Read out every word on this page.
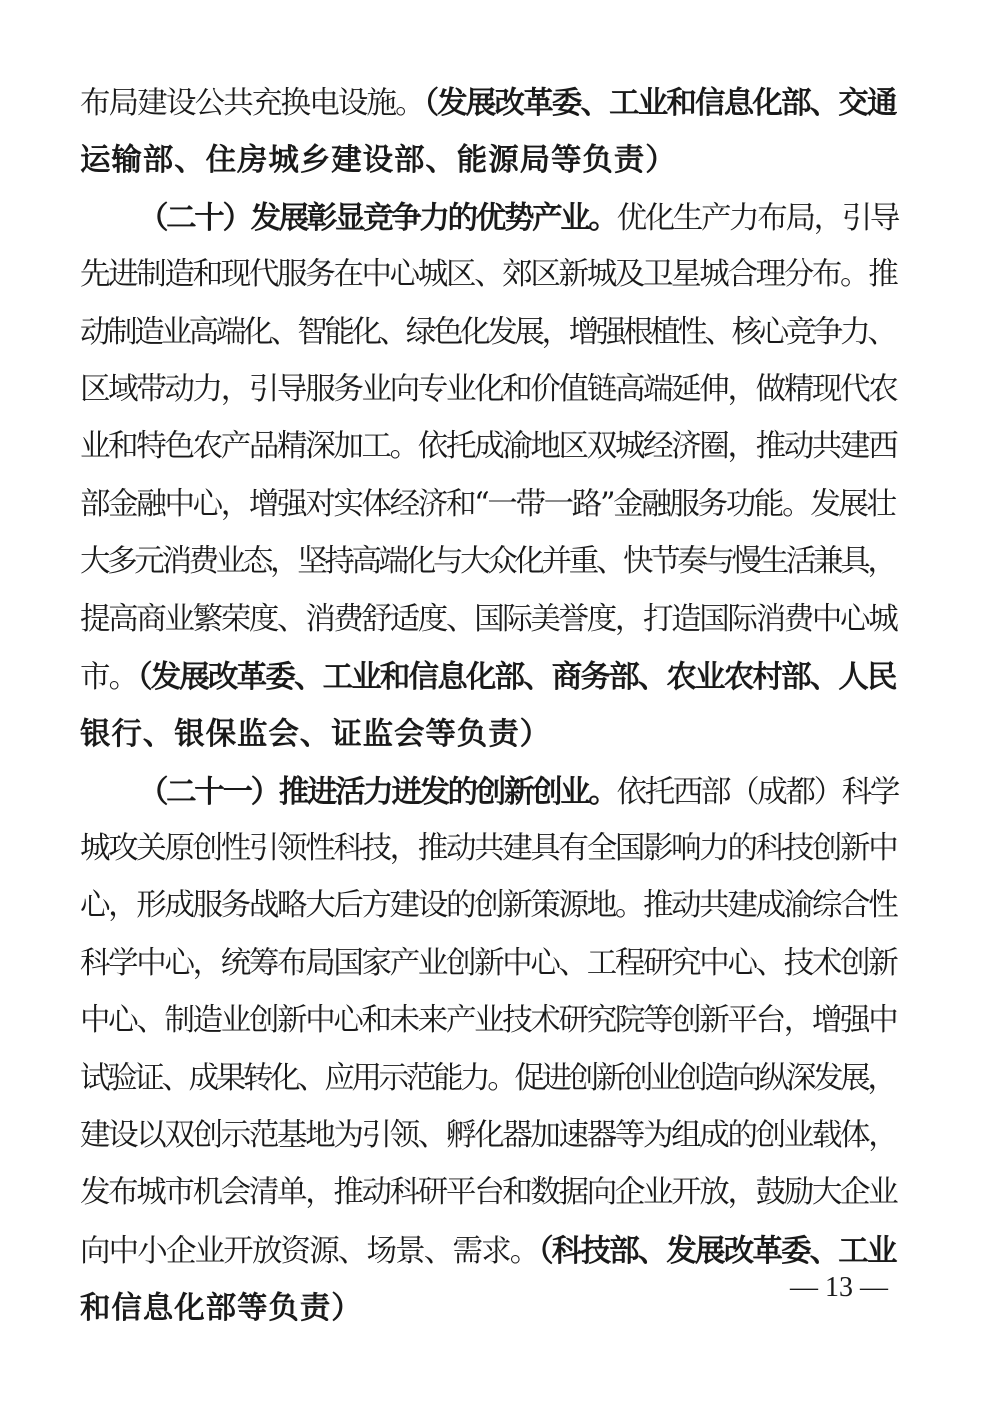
布局建设公共充换电设施。（发展改革委、工业和信息化部、交通
运输部、住房城乡建设部、能源局等负责）
（二十）发展彰显竞争力的优势产业。优化生产力布局，引导
先进制造和现代服务在中心城区、郊区新城及卫星城合理分布。推
动制造业高端化、智能化、绿色化发展，增强根植性、核心竞争力、
区域带动力，引导服务业向专业化和价值链高端延伸，做精现代农
业和特色农产品精深加工。依托成渝地区双城经济圈，推动共建西
部金融中心，增强对实体经济和“一带一路”金融服务功能。发展壮
大多元消费业态，坚持高端化与大众化并重、快节奏与慢生活兼具，
提高商业繁荣度、消费舒适度、国际美誉度，打造国际消费中心城
市。（发展改革委、工业和信息化部、商务部、农业农村部、人民
银行、银保监会、证监会等负责）
（二十一）推进活力迸发的创新创业。依托西部（成都）科学
城攻关原创性引领性科技，推动共建具有全国影响力的科技创新中
心，形成服务战略大后方建设的创新策源地。推动共建成渝综合性
科学中心，统筹布局国家产业创新中心、工程研究中心、技术创新
中心、制造业创新中心和未来产业技术研究院等创新平台，增强中
试验证、成果转化、应用示范能力。促进创新创业创造向纵深发展，
建设以双创示范基地为引领、孵化器加速器等为组成的创业载体，
发布城市机会清单，推动科研平台和数据向企业开放，鼓励大企业
向中小企业开放资源、场景、需求。（科技部、发展改革委、工业
和信息化部等负责）
— 13 —
